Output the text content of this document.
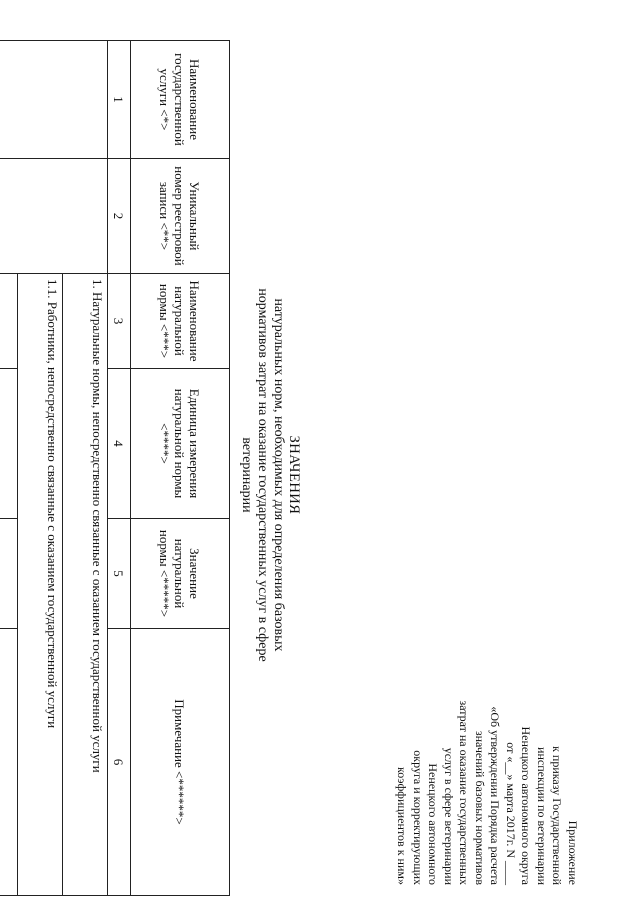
Приложение
к приказу Государственной
инспекции по ветеринарии
Ненецкого автономного округа
от «__» марта 2017г. N ____
«Об утверждении Порядка расчета
значений базовых нормативов
затрат на оказание государственных
услуг в сфере ветеринарии
Ненецкого автономного
округа и корректирующих
коэффициентов к ним»
ЗНАЧЕНИЯ
натуральных норм, необходимых для определения базовых
нормативов затрат на оказание государственных услуг в сфере
ветеринарии
Наименование государственной услуги <*>	Уникальный номер реестровой записи <**>	Наименование натуральной нормы <***>	Единица измерения натуральной нормы <****>	Значение натуральной нормы <*****>	Примечание <******>
1	2	3	4	5	6
		1. Натуральные нормы, непосредственно связанные с оказанием государственной услуги			
		1.1. Работники, непосредственно связанные с оказанием государственной услуги			
